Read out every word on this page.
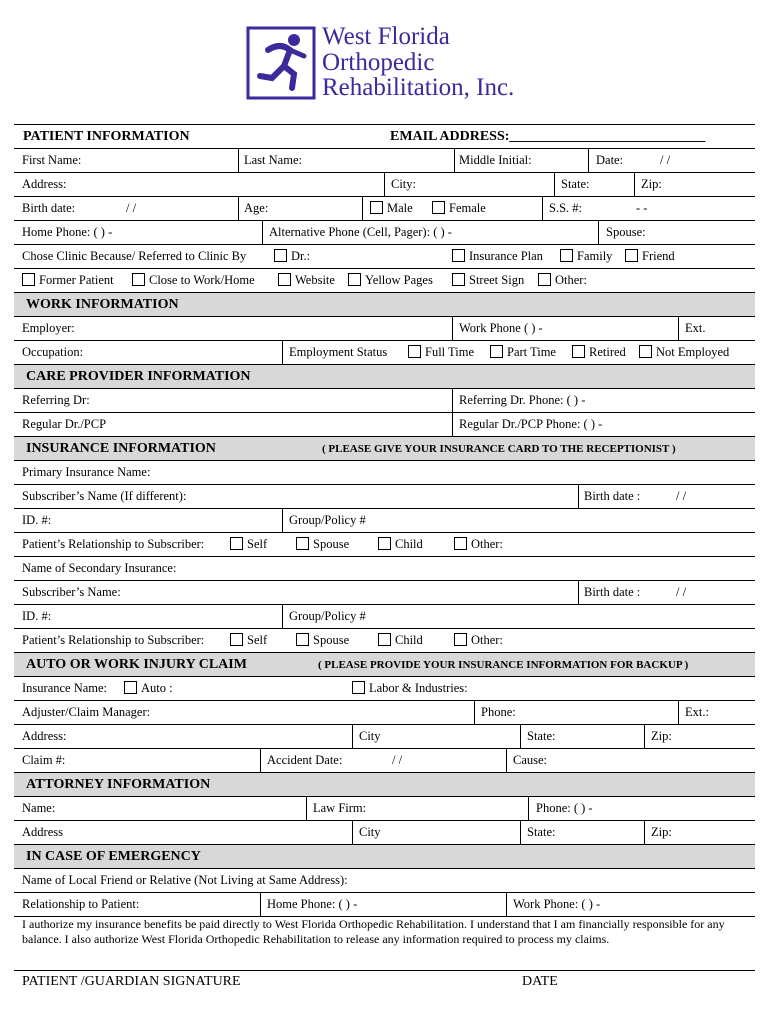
West Florida
Orthopedic
Rehabilitation, Inc.
PATIENT INFORMATION	EMAIL ADDRESS:____________________________
First Name:	Last Name:	Middle Initial:	Date:	/ /
Address:	City:	State:	Zip:
Birth date:	/ /	Age:	Male	Female	S.S. #:	- -
Home Phone: ( ) -	Alternative Phone (Cell, Pager): ( ) -	Spouse:
Chose Clinic Because/ Referred to Clinic By	Dr.:	Insurance Plan	Family	Friend
Former Patient	Close to Work/Home	Website	Yellow Pages	Street Sign	Other:
WORK INFORMATION
Employer:	Work Phone ( ) -	Ext.
Occupation:	Employment Status	Full Time	Part Time	Retired	Not Employed
CARE PROVIDER INFORMATION
Referring Dr:	Referring Dr. Phone: ( ) -
Regular Dr./PCP	Regular Dr./PCP Phone: ( ) -
INSURANCE INFORMATION	( PLEASE GIVE YOUR INSURANCE CARD TO THE RECEPTIONIST )
Primary Insurance Name:
Subscriber’s Name (If different):	Birth date :	/ /
ID. #:	Group/Policy #
Patient’s Relationship to Subscriber:	Self	Spouse	Child	Other:
Name of Secondary Insurance:
Subscriber’s Name:	Birth date :	/ /
ID. #:	Group/Policy #
Patient’s Relationship to Subscriber:	Self	Spouse	Child	Other:
AUTO OR WORK INJURY CLAIM	( PLEASE PROVIDE YOUR INSURANCE INFORMATION FOR BACKUP )
Insurance Name:	Auto :	Labor & Industries:
Adjuster/Claim Manager:	Phone:	Ext.:
Address:	City	State:	Zip:
Claim #:	Accident Date:	/ /	Cause:
ATTORNEY INFORMATION
Name:	Law Firm:	Phone: ( ) -
Address	City	State:	Zip:
IN CASE OF EMERGENCY
Name of Local Friend or Relative (Not Living at Same Address):
Relationship to Patient:	Home Phone: ( ) -	Work Phone: ( ) -
I authorize my insurance benefits be paid directly to West Florida Orthopedic Rehabilitation. I understand that I am financially responsible for any balance. I also authorize West Florida Orthopedic Rehabilitation to release any information required to process my claims.
PATIENT /GUARDIAN SIGNATURE	DATE
